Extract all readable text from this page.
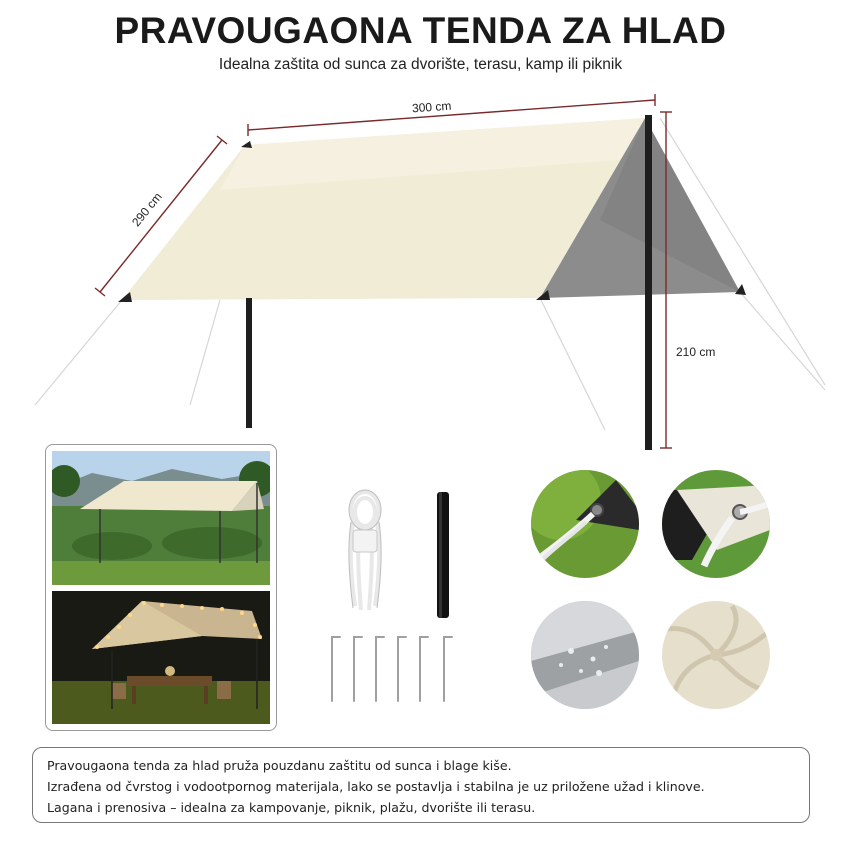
PRAVOUGAONA TENDA ZA HLAD
Idealna zaštita od sunca za dvorište, terasu, kamp ili piknik
300 cm
290 cm
210 cm
Pravougaona tenda za hlad pruža pouzdanu zaštitu od sunca i blage kiše.
Izrađena od čvrstog i vodootpornog materijala, lako se postavlja i stabilna je uz priložene užad i klinove.
Lagana i prenosiva – idealna za kampovanje, piknik, plažu, dvorište ili terasu.
